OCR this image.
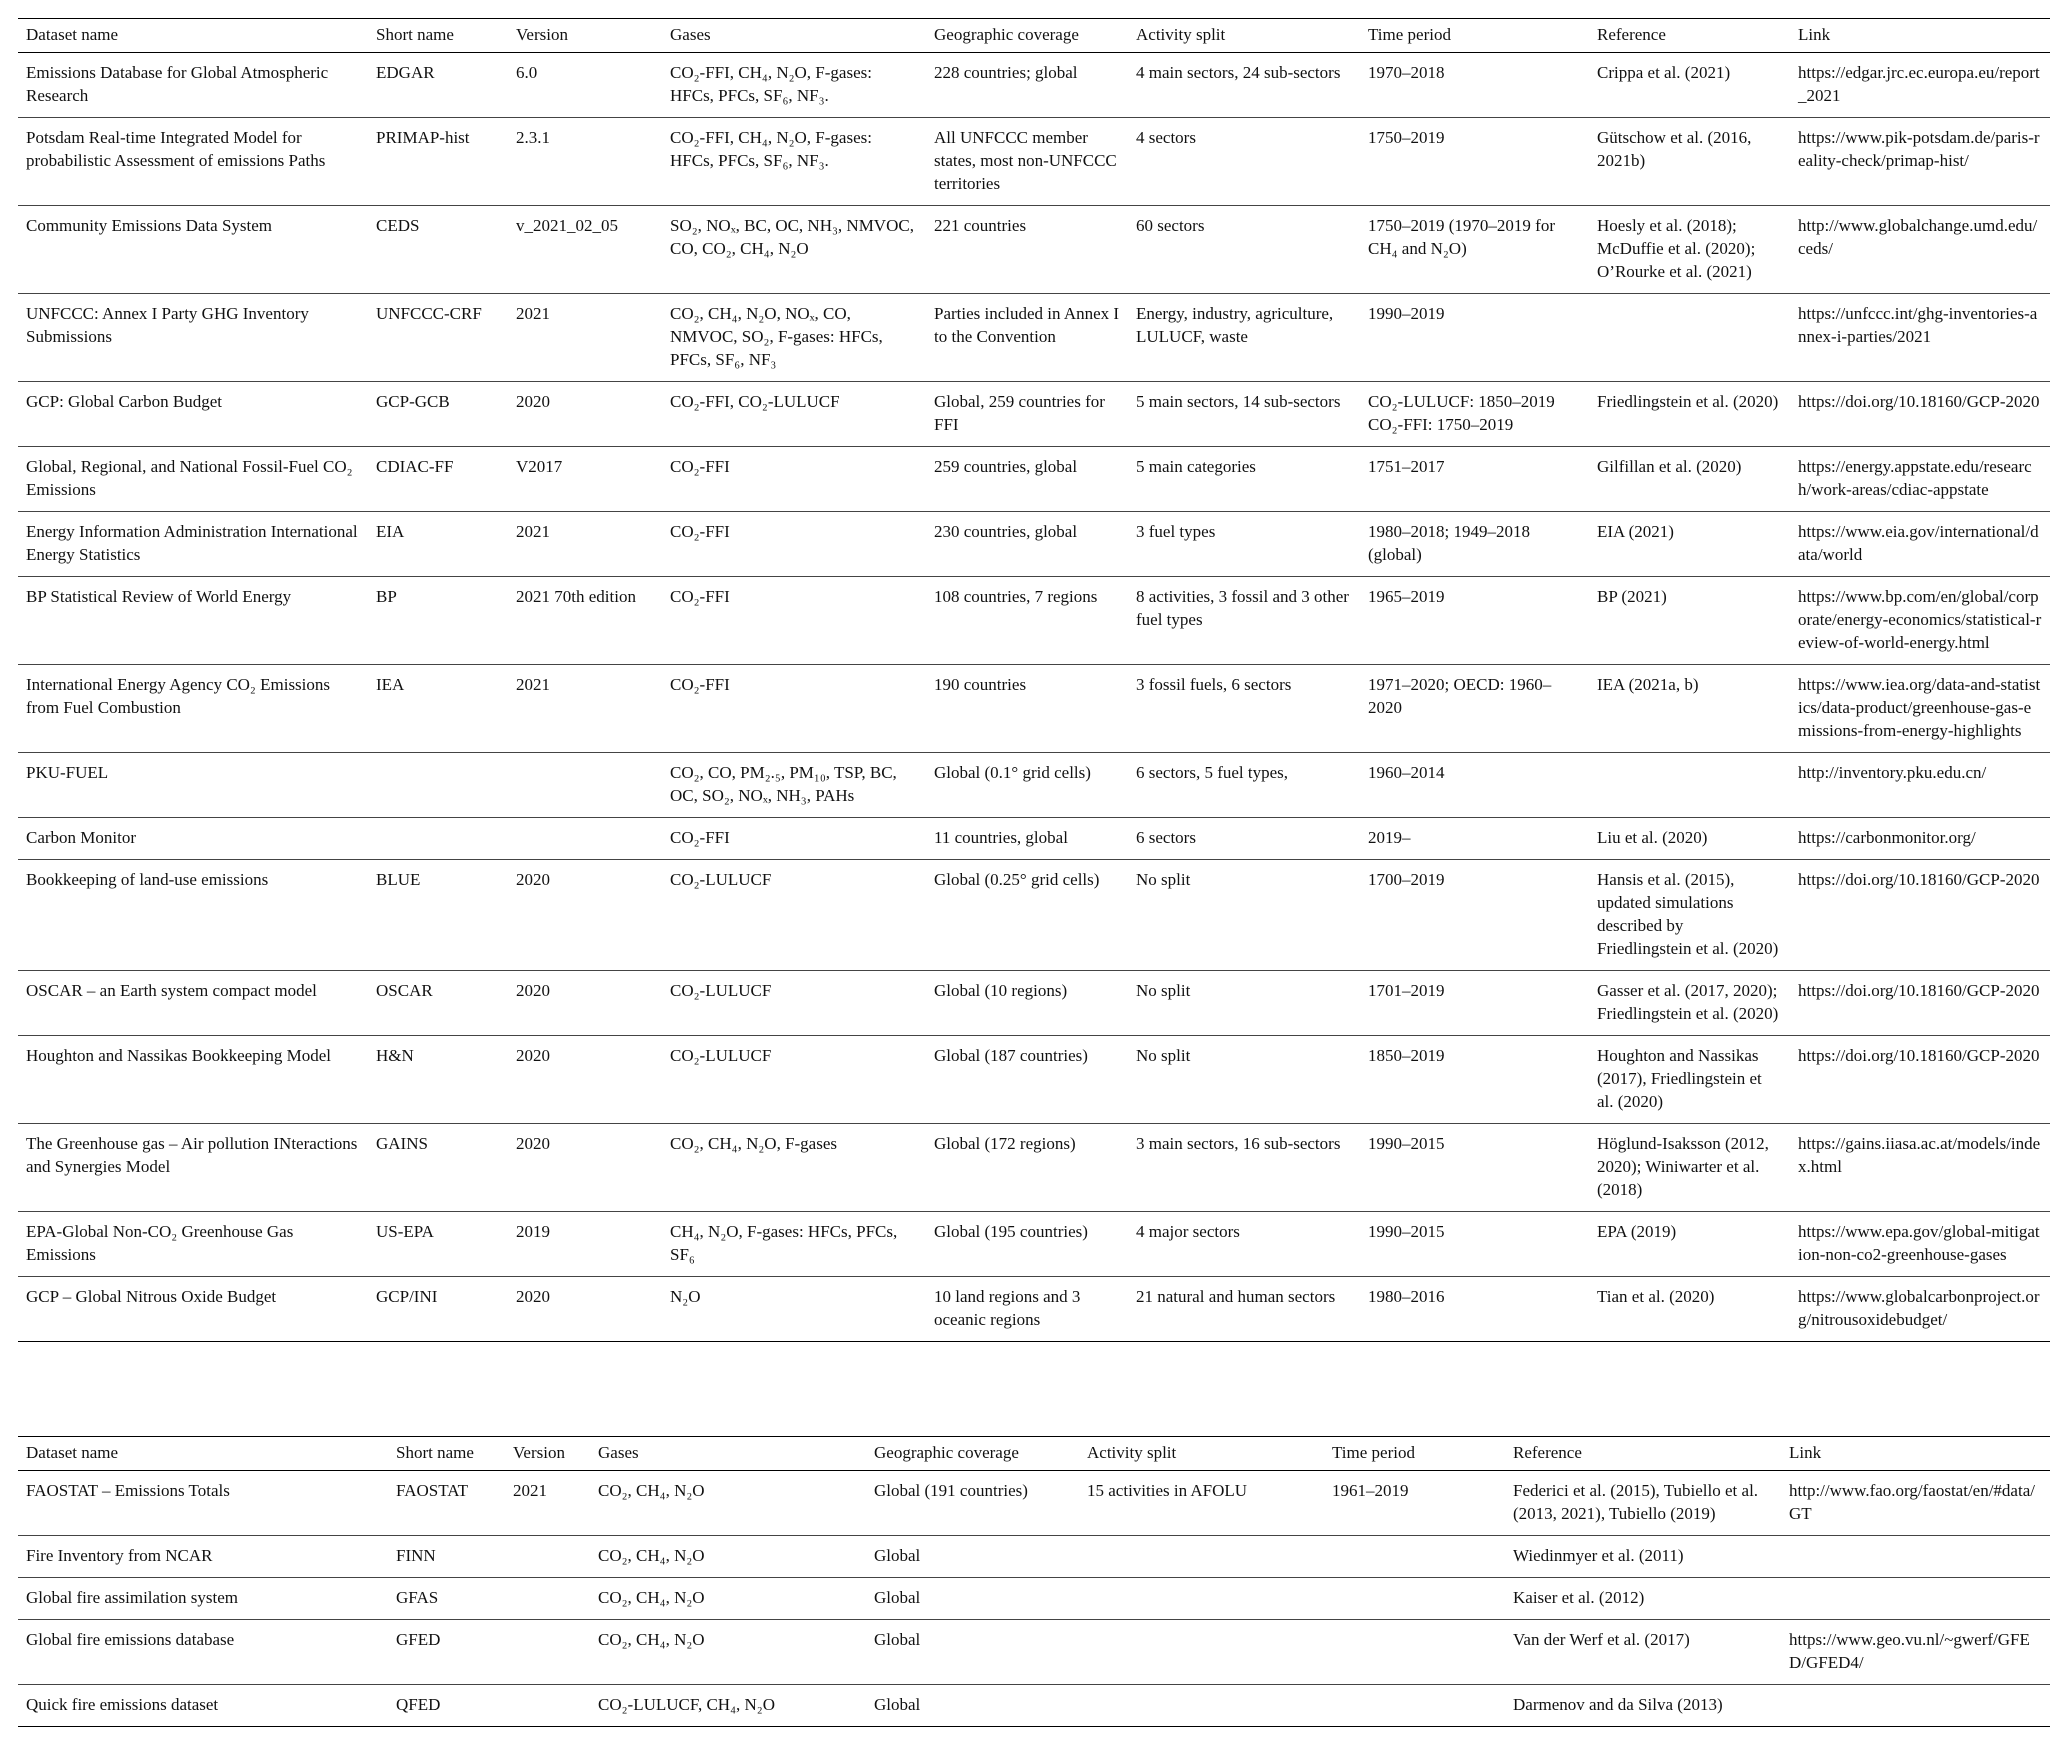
Dataset name	Short name	Version	Gases	Geographic coverage	Activity split	Time period	Reference	Link
Emissions Database for Global Atmospheric Research	EDGAR	6.0	CO₂-FFI, CH₄, N₂O, F-gases: HFCs, PFCs, SF₆, NF₃.	228 countries; global	4 main sectors, 24 sub-sectors	1970–2018	Crippa et al. (2021)	https://edgar.jrc.ec.europa.eu/report_2021
Potsdam Real-time Integrated Model for probabilistic Assessment of emissions Paths	PRIMAP-hist	2.3.1	CO₂-FFI, CH₄, N₂O, F-gases: HFCs, PFCs, SF₆, NF₃.	All UNFCCC member states, most non-UNFCCC territories	4 sectors	1750–2019	Gütschow et al. (2016, 2021b)	https://www.pik-potsdam.de/paris-reality-check/primap-hist/
Community Emissions Data System	CEDS	v_2021_02_05	SO₂, NOₓ, BC, OC, NH₃, NMVOC, CO, CO₂, CH₄, N₂O	221 countries	60 sectors	1750–2019 (1970–2019 for CH₄ and N₂O)	Hoesly et al. (2018); McDuffie et al. (2020); O’Rourke et al. (2021)	http://www.globalchange.umd.edu/ceds/
UNFCCC: Annex I Party GHG Inventory Submissions	UNFCCC-CRF	2021	CO₂, CH₄, N₂O, NOₓ, CO, NMVOC, SO₂, F-gases: HFCs, PFCs, SF₆, NF₃	Parties included in Annex I to the Convention	Energy, industry, agriculture, LULUCF, waste	1990–2019		https://unfccc.int/ghg-inventories-annex-i-parties/2021
GCP: Global Carbon Budget	GCP-GCB	2020	CO₂-FFI, CO₂-LULUCF	Global, 259 countries for FFI	5 main sectors, 14 sub-sectors	CO₂-LULUCF: 1850–2019 CO₂-FFI: 1750–2019	Friedlingstein et al. (2020)	https://doi.org/10.18160/GCP-2020
Global, Regional, and National Fossil-Fuel CO₂ Emissions	CDIAC-FF	V2017	CO₂-FFI	259 countries, global	5 main categories	1751–2017	Gilfillan et al. (2020)	https://energy.appstate.edu/research/work-areas/cdiac-appstate
Energy Information Administration International Energy Statistics	EIA	2021	CO₂-FFI	230 countries, global	3 fuel types	1980–2018; 1949–2018 (global)	EIA (2021)	https://www.eia.gov/international/data/world
BP Statistical Review of World Energy	BP	2021 70th edition	CO₂-FFI	108 countries, 7 regions	8 activities, 3 fossil and 3 other fuel types	1965–2019	BP (2021)	https://www.bp.com/en/global/corporate/energy-economics/statistical-review-of-world-energy.html
International Energy Agency CO₂ Emissions from Fuel Combustion	IEA	2021	CO₂-FFI	190 countries	3 fossil fuels, 6 sectors	1971–2020; OECD: 1960–2020	IEA (2021a, b)	https://www.iea.org/data-and-statistics/data-product/greenhouse-gas-emissions-from-energy-highlights
PKU-FUEL			CO₂, CO, PM₂.₅, PM₁₀, TSP, BC, OC, SO₂, NOₓ, NH₃, PAHs	Global (0.1° grid cells)	6 sectors, 5 fuel types,	1960–2014		http://inventory.pku.edu.cn/
Carbon Monitor			CO₂-FFI	11 countries, global	6 sectors	2019–	Liu et al. (2020)	https://carbonmonitor.org/
Bookkeeping of land-use emissions	BLUE	2020	CO₂-LULUCF	Global (0.25° grid cells)	No split	1700–2019	Hansis et al. (2015), updated simulations described by Friedlingstein et al. (2020)	https://doi.org/10.18160/GCP-2020
OSCAR – an Earth system compact model	OSCAR	2020	CO₂-LULUCF	Global (10 regions)	No split	1701–2019	Gasser et al. (2017, 2020); Friedlingstein et al. (2020)	https://doi.org/10.18160/GCP-2020
Houghton and Nassikas Bookkeeping Model	H&N	2020	CO₂-LULUCF	Global (187 countries)	No split	1850–2019	Houghton and Nassikas (2017), Friedlingstein et al. (2020)	https://doi.org/10.18160/GCP-2020
The Greenhouse gas – Air pollution INteractions and Synergies Model	GAINS	2020	CO₂, CH₄, N₂O, F-gases	Global (172 regions)	3 main sectors, 16 sub-sectors	1990–2015	Höglund-Isaksson (2012, 2020); Winiwarter et al. (2018)	https://gains.iiasa.ac.at/models/index.html
EPA-Global Non-CO₂ Greenhouse Gas Emissions	US-EPA	2019	CH₄, N₂O, F-gases: HFCs, PFCs, SF₆	Global (195 countries)	4 major sectors	1990–2015	EPA (2019)	https://www.epa.gov/global-mitigation-non-co2-greenhouse-gases
GCP – Global Nitrous Oxide Budget	GCP/INI	2020	N₂O	10 land regions and 3 oceanic regions	21 natural and human sectors	1980–2016	Tian et al. (2020)	https://www.globalcarbonproject.org/nitrousoxidebudget/
Dataset name	Short name	Version	Gases	Geographic coverage	Activity split	Time period	Reference	Link
FAOSTAT – Emissions Totals	FAOSTAT	2021	CO₂, CH₄, N₂O	Global (191 countries)	15 activities in AFOLU	1961–2019	Federici et al. (2015), Tubiello et al. (2013, 2021), Tubiello (2019)	http://www.fao.org/faostat/en/#data/GT
Fire Inventory from NCAR	FINN		CO₂, CH₄, N₂O	Global			Wiedinmyer et al. (2011)	
Global fire assimilation system	GFAS		CO₂, CH₄, N₂O	Global			Kaiser et al. (2012)	
Global fire emissions database	GFED		CO₂, CH₄, N₂O	Global			Van der Werf et al. (2017)	https://www.geo.vu.nl/~gwerf/GFED/GFED4/
Quick fire emissions dataset	QFED		CO₂-LULUCF, CH₄, N₂O	Global			Darmenov and da Silva (2013)	
